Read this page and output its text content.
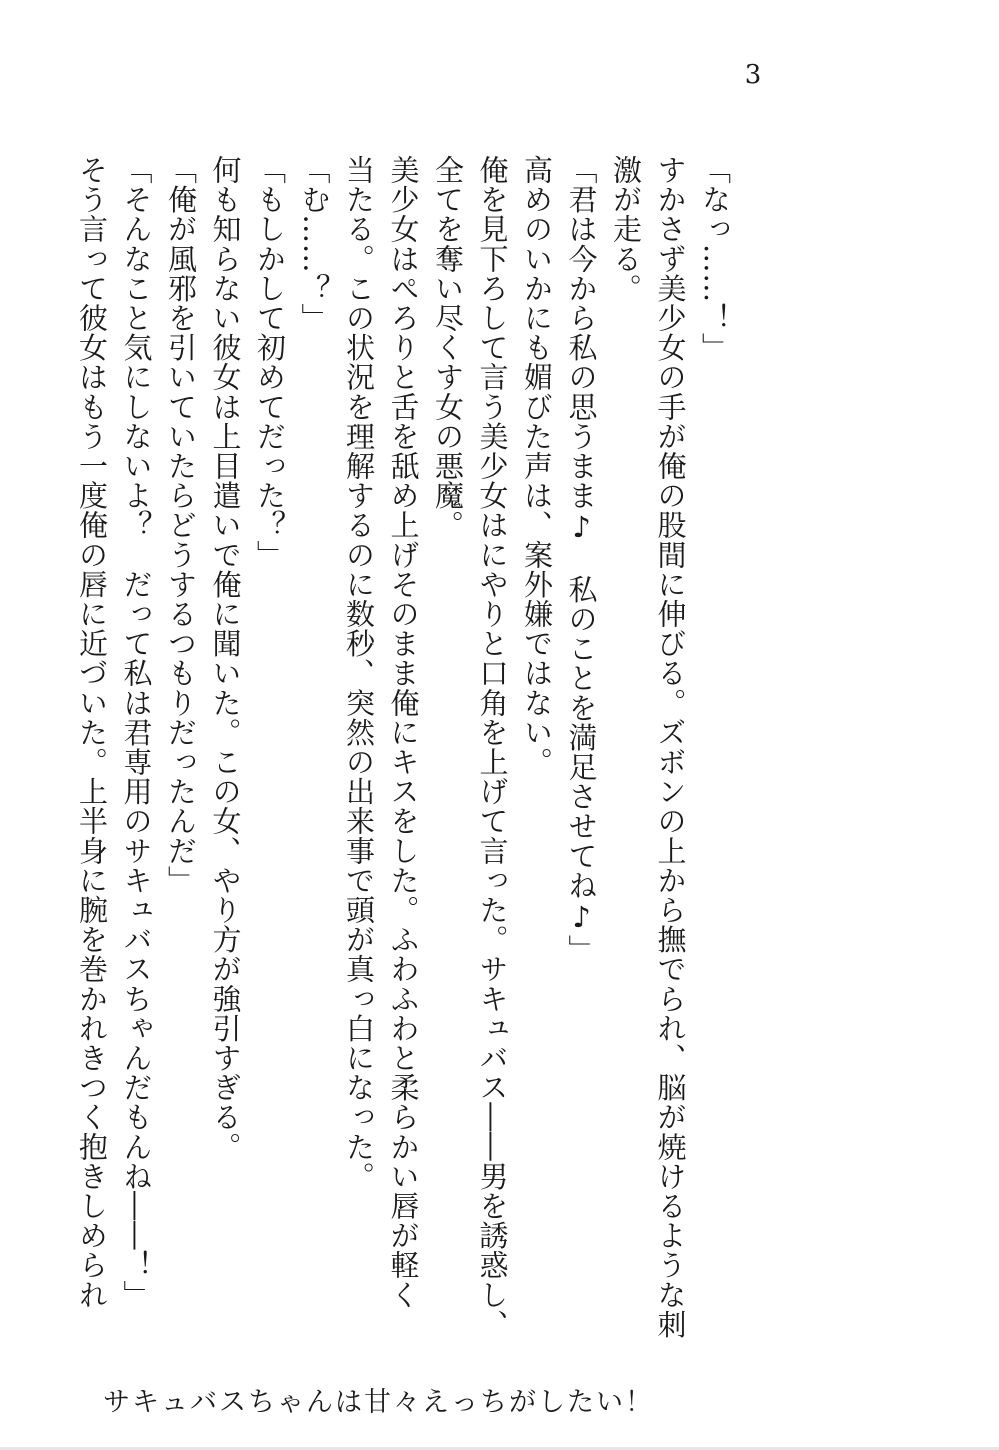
3

「なっ……！」

すかさず美少女の手が俺の股間に伸びる。ズボンの上から撫でられ、脳が焼けるような刺

激が走る。

「君は今から私の思うまま♪　私のことを満足させてね♪」

高めのいかにも媚びた声は、案外嫌ではない。

俺を見下ろして言う美少女はにやりと口角を上げて言った。サキュバス――男を誘惑し、

全てを奪い尽くす女の悪魔。

美少女はぺろりと舌を舐め上げそのまま俺にキスをした。ふわふわと柔らかい唇が軽く

当たる。この状況を理解するのに数秒、突然の出来事で頭が真っ白になった。

「む……？」

「もしかして初めてだった？」

何も知らない彼女は上目遣いで俺に聞いた。この女、やり方が強引すぎる。

「俺が風邪を引いていたらどうするつもりだったんだ」

「そんなこと気にしないよ？　だって私は君専用のサキュバスちゃんだもんね――！」

そう言って彼女はもう一度俺の唇に近づいた。上半身に腕を巻かれきつく抱きしめられ

サキュバスちゃんは甘々えっちがしたい！
